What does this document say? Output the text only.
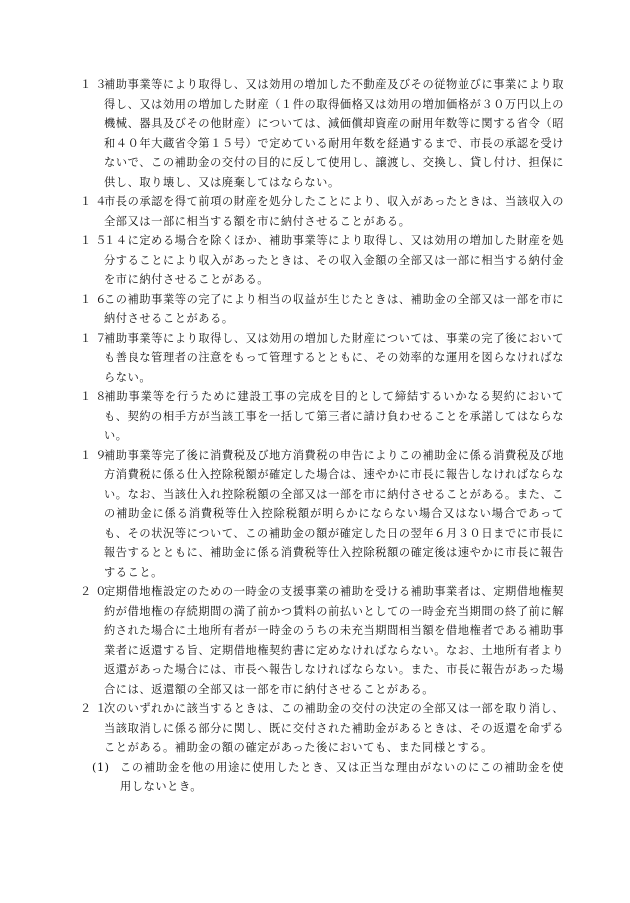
１３補助事業等により取得し、又は効用の増加した不動産及びその従物並びに事業により取得し、又は効用の増加した財産（１件の取得価格又は効用の増加価格が３０万円以上の機械、器具及びその他財産）については、減価償却資産の耐用年数等に関する省令（昭和４０年大蔵省令第１５号）で定めている耐用年数を経過するまで、市長の承認を受けないで、この補助金の交付の目的に反して使用し、譲渡し、交換し、貸し付け、担保に供し、取り壊し、又は廃棄してはならない。

１４市長の承認を得て前項の財産を処分したことにより、収入があったときは、当該収入の全部又は一部に相当する額を市に納付させることがある。

１５１４に定める場合を除くほか、補助事業等により取得し、又は効用の増加した財産を処分することにより収入があったときは、その収入金額の全部又は一部に相当する納付金を市に納付させることがある。

１６この補助事業等の完了により相当の収益が生じたときは、補助金の全部又は一部を市に納付させることがある。

１７補助事業等により取得し、又は効用の増加した財産については、事業の完了後においても善良な管理者の注意をもって管理するとともに、その効率的な運用を図らなければならない。

１８補助事業等を行うために建設工事の完成を目的として締結するいかなる契約においても、契約の相手方が当該工事を一括して第三者に請け負わせることを承諾してはならない。

１９補助事業等完了後に消費税及び地方消費税の申告によりこの補助金に係る消費税及び地方消費税に係る仕入控除税額が確定した場合は、速やかに市長に報告しなければならない。なお、当該仕入れ控除税額の全部又は一部を市に納付させることがある。また、この補助金に係る消費税等仕入控除税額が明らかにならない場合又はない場合であっても、その状況等について、この補助金の額が確定した日の翌年６月３０日までに市長に報告するとともに、補助金に係る消費税等仕入控除税額の確定後は速やかに市長に報告すること。

２０定期借地権設定のための一時金の支援事業の補助を受ける補助事業者は、定期借地権契約が借地権の存続期間の満了前かつ賃料の前払いとしての一時金充当期間の終了前に解約された場合に土地所有者が一時金のうちの未充当期間相当額を借地権者である補助事業者に返還する旨、定期借地権契約書に定めなければならない。なお、土地所有者より返還があった場合には、市長へ報告しなければならない。また、市長に報告があった場合には、返還額の全部又は一部を市に納付させることがある。

２１次のいずれかに該当するときは、この補助金の交付の決定の全部又は一部を取り消し、当該取消しに係る部分に関し、既に交付された補助金があるときは、その返還を命ずることがある。補助金の額の確定があった後においても、また同様とする。

(1) この補助金を他の用途に使用したとき、又は正当な理由がないのにこの補助金を使用しないとき。
